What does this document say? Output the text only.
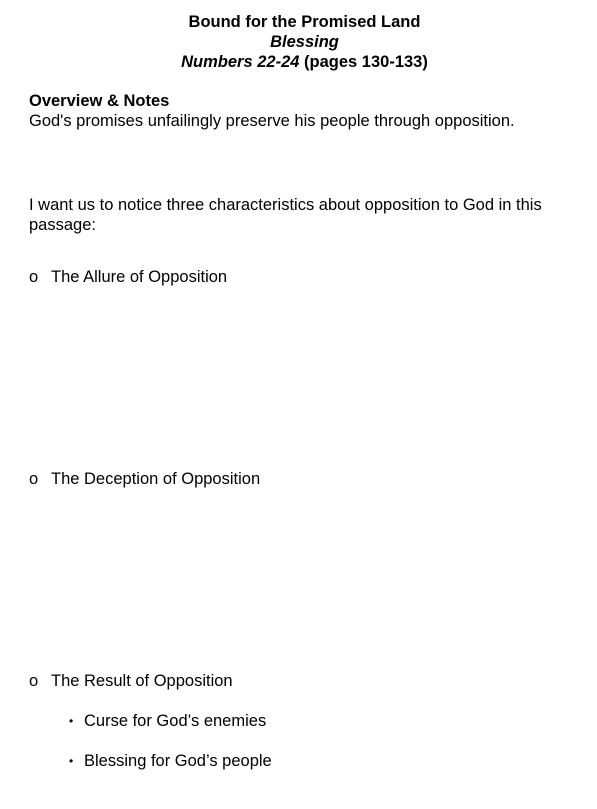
Bound for the Promised Land
Blessing
Numbers 22-24 (pages 130-133)
Overview & Notes
God's promises unfailingly preserve his people through opposition.
I want us to notice three characteristics about opposition to God in this passage:
o The Allure of Opposition
o The Deception of Opposition
o The Result of Opposition
• Curse for God’s enemies
• Blessing for God’s people
